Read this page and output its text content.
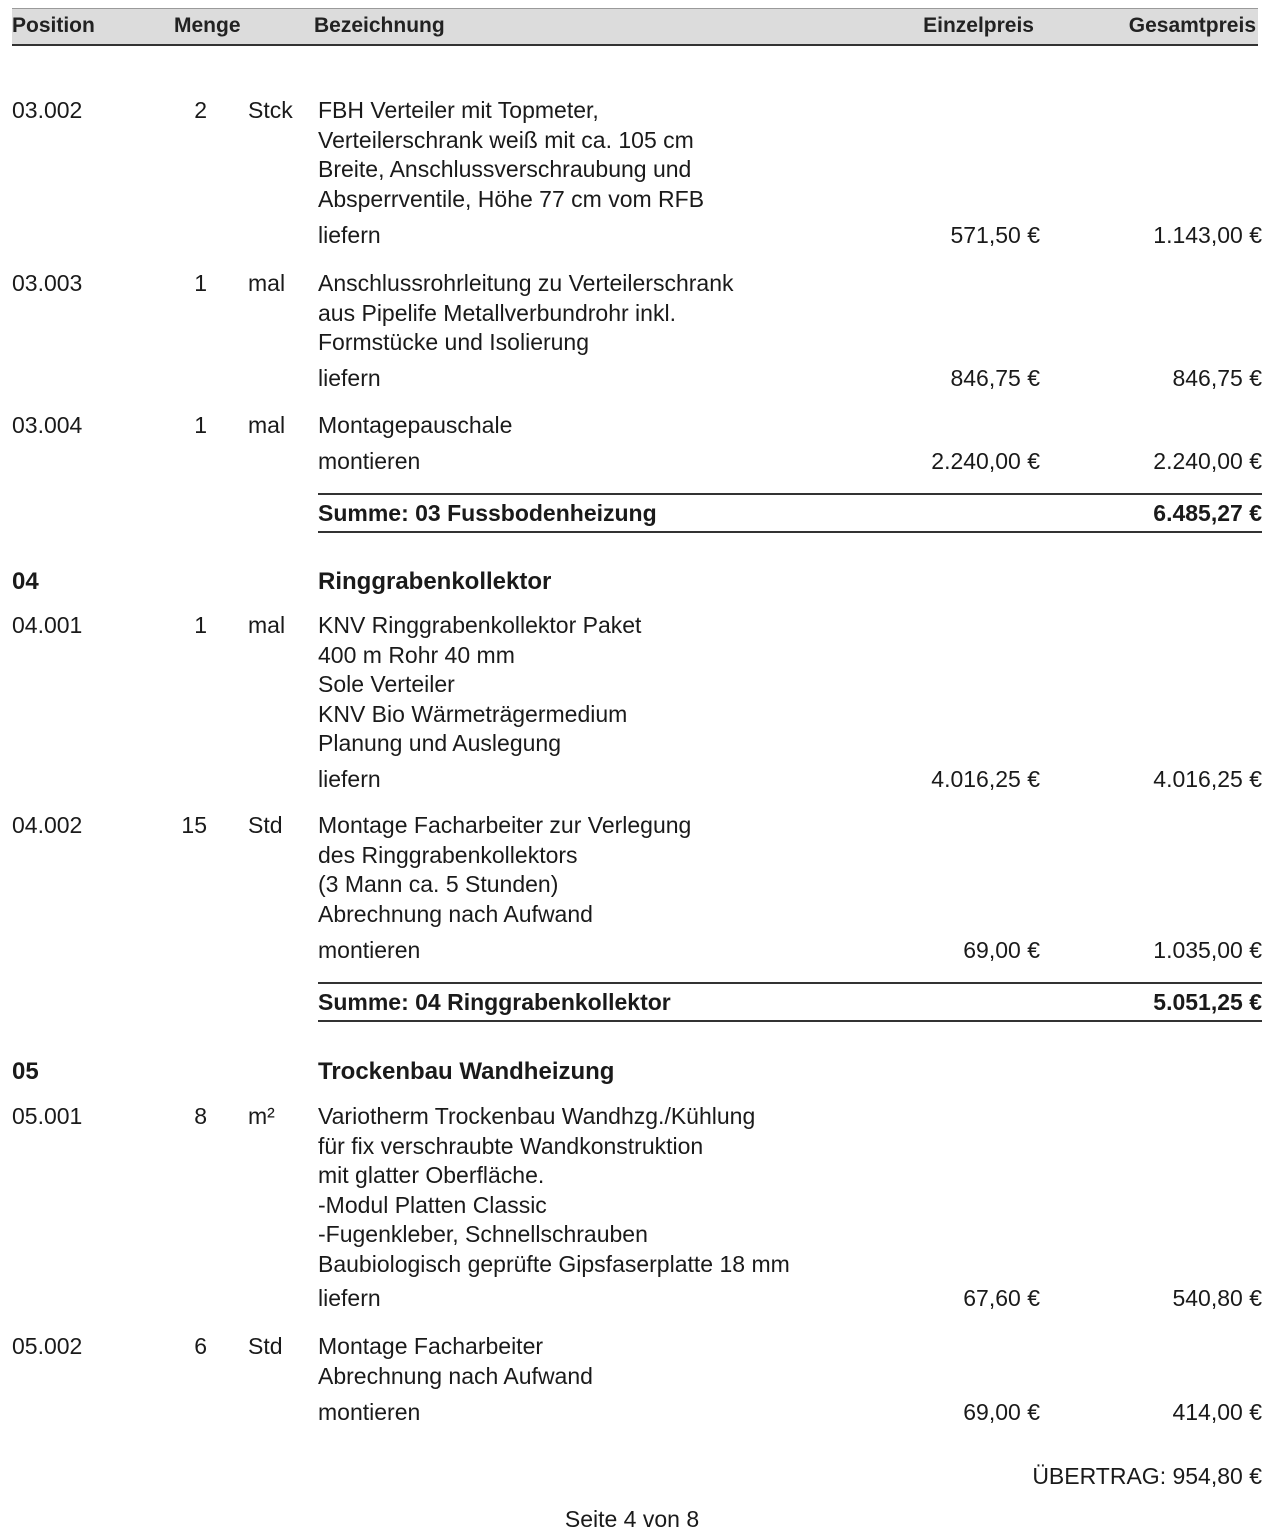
Position	Menge	Bezeichnung	Einzelpreis	Gesamtpreis
03.002	2 Stck FBH Verteiler mit Topmeter,
Verteilerschrank weiß mit ca. 105 cm
Breite, Anschlussverschraubung und
Absperrventile, Höhe 77 cm vom RFB
liefern	571,50 €	1.143,00 €
03.003	1 mal Anschlussrohrleitung zu Verteilerschrank
aus Pipelife Metallverbundrohr inkl.
Formstücke und Isolierung
liefern	846,75 €	846,75 €
03.004	1 mal Montagepauschale
montieren	2.240,00 €	2.240,00 €
Summe: 03 Fussbodenheizung	6.485,27 €
04	Ringgrabenkollektor
04.001	1 mal KNV Ringgrabenkollektor Paket
400 m Rohr 40 mm
Sole Verteiler
KNV Bio Wärmeträgermedium
Planung und Auslegung
liefern	4.016,25 €	4.016,25 €
04.002	15 Std Montage Facharbeiter zur Verlegung
des Ringgrabenkollektors
(3 Mann ca. 5 Stunden)
Abrechnung nach Aufwand
montieren	69,00 €	1.035,00 €
Summe: 04 Ringgrabenkollektor	5.051,25 €
05	Trockenbau Wandheizung
05.001	8 m² Variotherm Trockenbau Wandhzg./Kühlung
für fix verschraubte Wandkonstruktion
mit glatter Oberfläche.
-Modul Platten Classic
-Fugenkleber, Schnellschrauben
Baubiologisch geprüfte Gipsfaserplatte 18 mm
liefern	67,60 €	540,80 €
05.002	6 Std Montage Facharbeiter
Abrechnung nach Aufwand
montieren	69,00 €	414,00 €
ÜBERTRAG: 954,80 €
Seite 4 von 8
